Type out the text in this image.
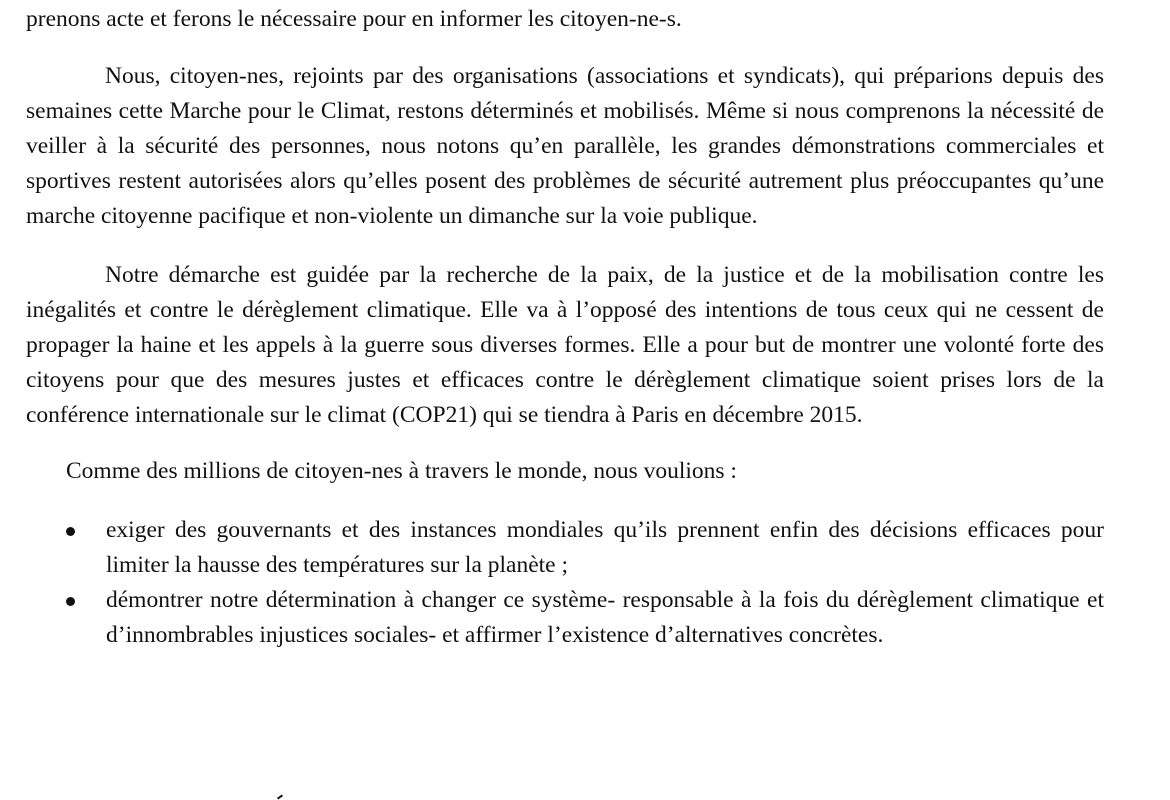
prenons acte et ferons le nécessaire pour en informer les citoyen-ne-s.

Nous, citoyen-nes, rejoints par des organisations (associations et syndicats), qui préparions depuis des semaines cette Marche pour le Climat, restons déterminés et mobilisés. Même si nous comprenons la nécessité de veiller à la sécurité des personnes, nous notons qu’en parallèle, les grandes démonstrations commerciales et sportives restent autorisées alors qu’elles posent des problèmes de sécurité autrement plus préoccupantes qu’une marche citoyenne pacifique et non-violente un dimanche sur la voie publique.

Notre démarche est guidée par la recherche de la paix, de la justice et de la mobilisation contre les inégalités et contre le dérèglement climatique. Elle va à l’opposé des intentions de tous ceux qui ne cessent de propager la haine et les appels à la guerre sous diverses formes. Elle a pour but de montrer une volonté forte des citoyens pour que des mesures justes et efficaces contre le dérèglement climatique soient prises lors de la conférence internationale sur le climat (COP21) qui se tiendra à Paris en décembre 2015.

Comme des millions de citoyen-nes à travers le monde, nous voulions :

exiger des gouvernants et des instances mondiales qu’ils prennent enfin des décisions efficaces pour limiter la hausse des températures sur la planète ;
démontrer notre détermination à changer ce système- responsable à la fois du dérèglement climatique et d’innombrables injustices sociales- et affirmer l’existence d’alternatives concrètes.
